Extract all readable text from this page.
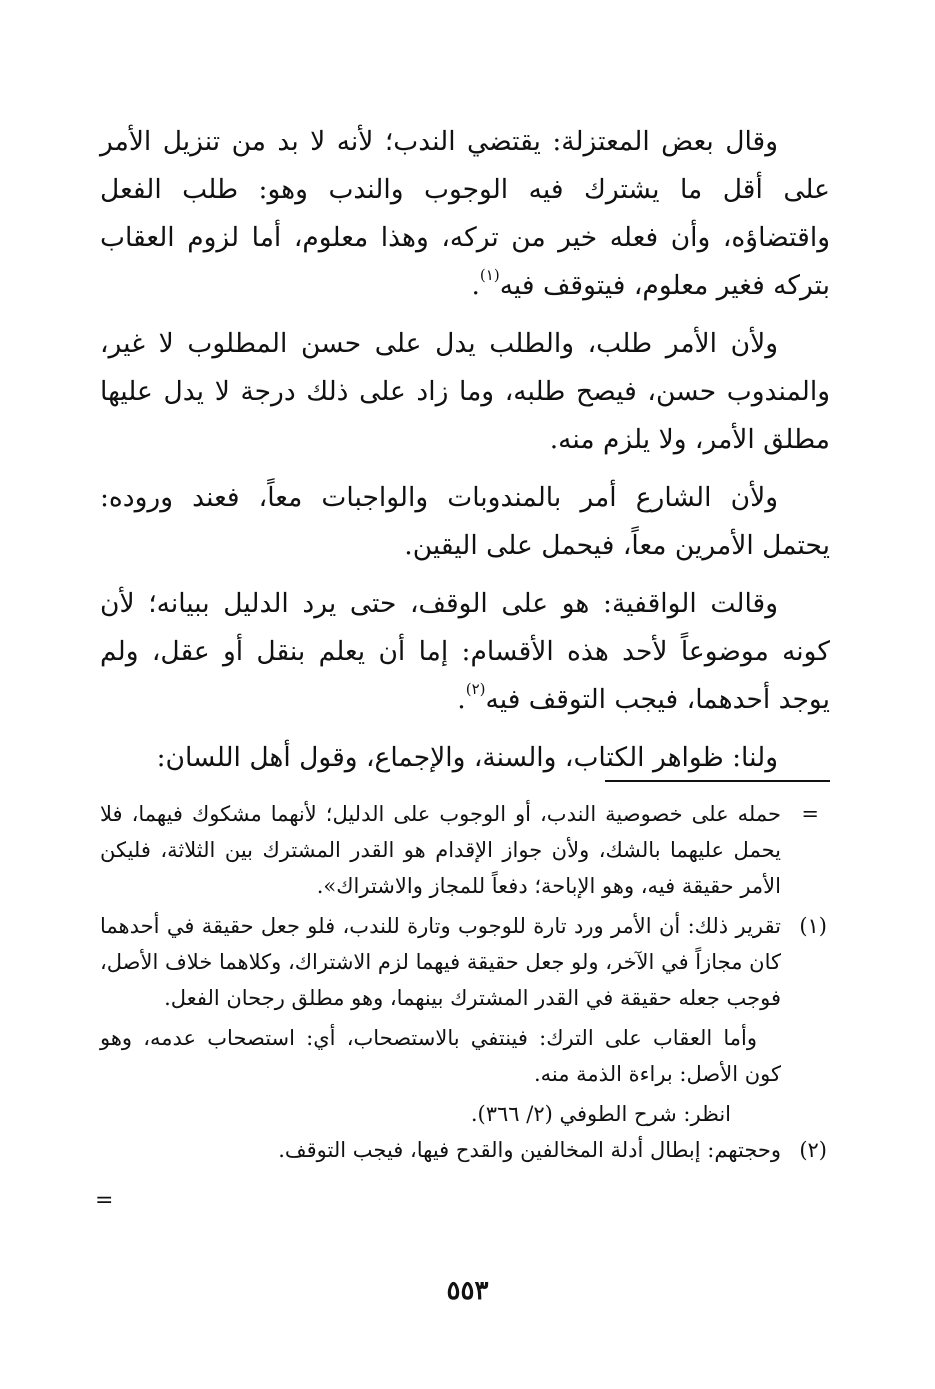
وقال بعض المعتزلة: يقتضي الندب؛ لأنه لا بد من تنزيل الأمر على أقل ما يشترك فيه الوجوب والندب وهو: طلب الفعل واقتضاؤه، وأن فعله خير من تركه، وهذا معلوم، أما لزوم العقاب بتركه فغير معلوم، فيتوقف فيه$^{(١)}$.

ولأن الأمر طلب، والطلب يدل على حسن المطلوب لا غير، والمندوب حسن، فيصح طلبه، وما زاد على ذلك درجة لا يدل عليها مطلق الأمر، ولا يلزم منه.

ولأن الشارع أمر بالمندوبات والواجبات معاً، فعند وروده: يحتمل الأمرين معاً، فيحمل على اليقين.

وقالت الواقفية: هو على الوقف، حتى يرد الدليل ببيانه؛ لأن كونه موضوعاً لأحد هذه الأقسام: إما أن يعلم بنقل أو عقل، ولم يوجد أحدهما، فيجب التوقف فيه$^{(٢)}$.

ولنا: ظواهر الكتاب، والسنة، والإجماع، وقول أهل اللسان:

=
حمله على خصوصية الندب، أو الوجوب على الدليل؛ لأنهما مشكوك فيهما، فلا يحمل عليهما بالشك، ولأن جواز الإقدام هو القدر المشترك بين الثلاثة، فليكن الأمر حقيقة فيه، وهو الإباحة؛ دفعاً للمجاز والاشتراك».

(١)
تقرير ذلك: أن الأمر ورد تارة للوجوب وتارة للندب، فلو جعل حقيقة في أحدهما كان مجازاً في الآخر، ولو جعل حقيقة فيهما لزم الاشتراك، وكلاهما خلاف الأصل، فوجب جعله حقيقة في القدر المشترك بينهما، وهو مطلق رجحان الفعل.

وأما العقاب على الترك: فينتفي بالاستصحاب، أي: استصحاب عدمه، وهو كون الأصل: براءة الذمة منه.

انظر: شرح الطوفي (٢/ ٣٦٦).

(٢)
وحجتهم: إبطال أدلة المخالفين والقدح فيها، فيجب التوقف.

=
٥٥٣
